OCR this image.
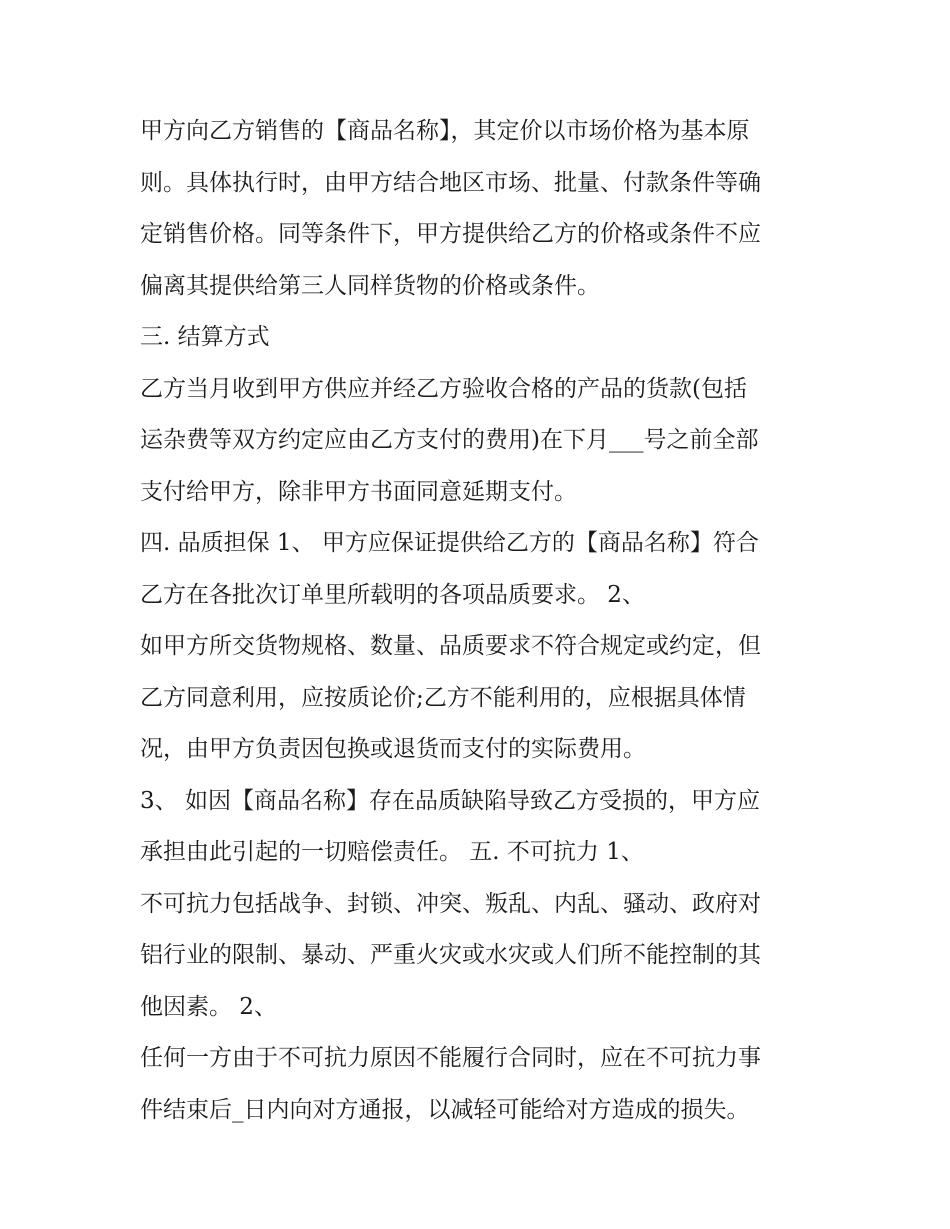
甲方向乙方销售的【商品名称】，其定价以市场价格为基本原
则。具体执行时，由甲方结合地区市场、批量、付款条件等确
定销售价格。同等条件下，甲方提供给乙方的价格或条件不应
偏离其提供给第三人同样货物的价格或条件。
三. 结算方式
乙方当月收到甲方供应并经乙方验收合格的产品的货款(包括
运杂费等双方约定应由乙方支付的费用)在下月___号之前全部
支付给甲方，除非甲方书面同意延期支付。
四. 品质担保 1、 甲方应保证提供给乙方的【商品名称】符合
乙方在各批次订单里所载明的各项品质要求。 2、
如甲方所交货物规格、数量、品质要求不符合规定或约定，但
乙方同意利用，应按质论价;乙方不能利用的，应根据具体情
况，由甲方负责因包换或退货而支付的实际费用。
3、 如因【商品名称】存在品质缺陷导致乙方受损的，甲方应
承担由此引起的一切赔偿责任。 五. 不可抗力 1、
不可抗力包括战争、封锁、冲突、叛乱、内乱、骚动、政府对
铝行业的限制、暴动、严重火灾或水灾或人们所不能控制的其
他因素。 2、
任何一方由于不可抗力原因不能履行合同时，应在不可抗力事
件结束后_日内向对方通报，以减轻可能给对方造成的损失。
